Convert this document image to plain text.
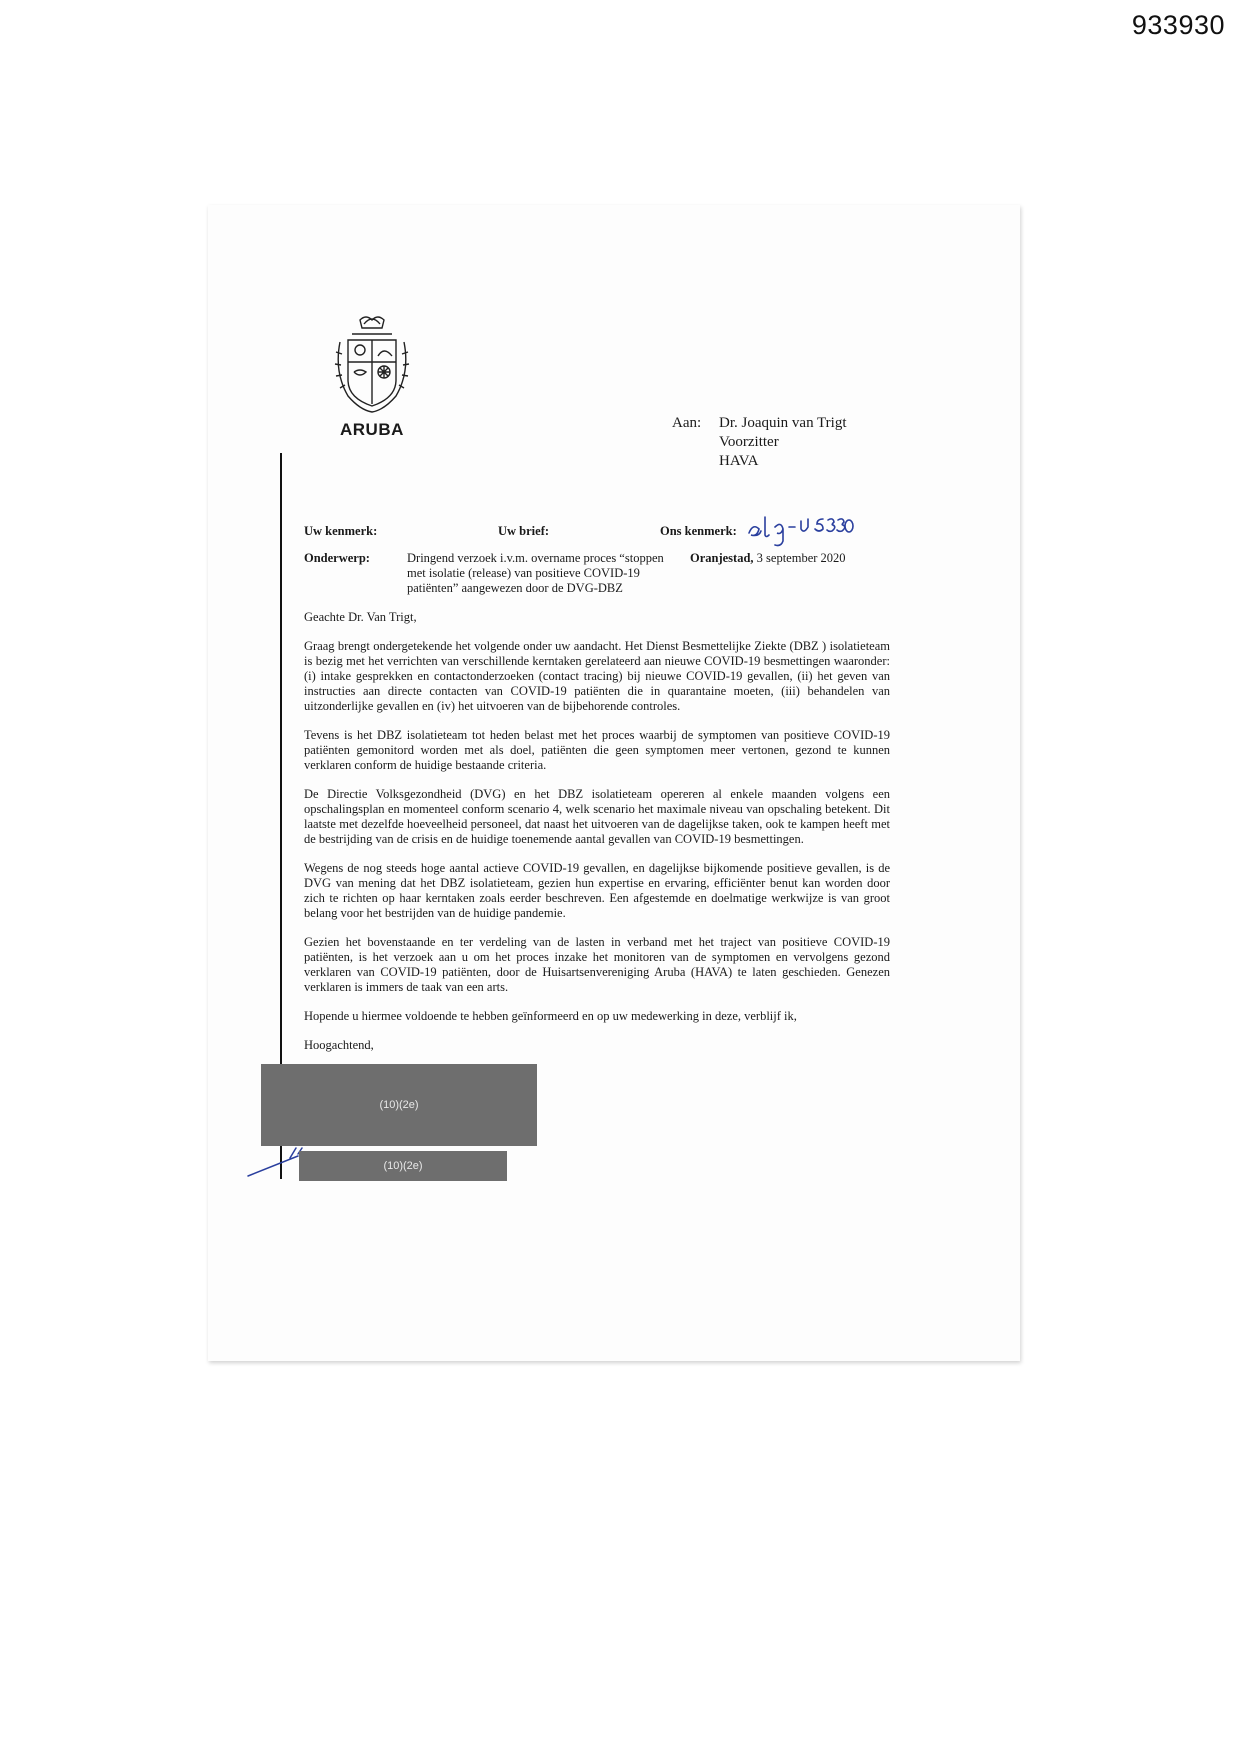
933930
ARUBA	Aan: Dr. Joaquin van Trigt
Voorzitter
HAVA
Uw kenmerk:	Uw brief:	Ons kenmerk:
Onderwerp:	Dringend verzoek i.v.m. overname proces “stoppen met isolatie (release) van positieve COVID-19 patiënten” aangewezen door de DVG-DBZ
Oranjestad, 3 september 2020

Geachte Dr. Van Trigt,

Graag brengt ondergetekende het volgende onder uw aandacht. Het Dienst Besmettelijke Ziekte (DBZ ) isolatieteam is bezig met het verrichten van verschillende kerntaken gerelateerd aan nieuwe COVID-19 besmettingen waaronder: (i) intake gesprekken en contactonderzoeken (contact tracing) bij nieuwe COVID-19 gevallen, (ii) het geven van instructies aan directe contacten van COVID-19 patiënten die in quarantaine moeten, (iii) behandelen van uitzonderlijke gevallen en (iv) het uitvoeren van de bijbehorende controles.

Tevens is het DBZ isolatieteam tot heden belast met het proces waarbij de symptomen van positieve COVID-19 patiënten gemonitord worden met als doel, patiënten die geen symptomen meer vertonen, gezond te kunnen verklaren conform de huidige bestaande criteria.

De Directie Volksgezondheid (DVG) en het DBZ isolatieteam opereren al enkele maanden volgens een opschalingsplan en momenteel conform scenario 4, welk scenario het maximale niveau van opschaling betekent. Dit laatste met dezelfde hoeveelheid personeel, dat naast het uitvoeren van de dagelijkse taken, ook te kampen heeft met de bestrijding van de crisis en de huidige toenemende aantal gevallen van COVID-19 besmettingen.

Wegens de nog steeds hoge aantal actieve COVID-19 gevallen, en dagelijkse bijkomende positieve gevallen, is de DVG van mening dat het DBZ isolatieteam, gezien hun expertise en ervaring, efficiënter benut kan worden door zich te richten op haar kerntaken zoals eerder beschreven. Een afgestemde en doelmatige werkwijze is van groot belang voor het bestrijden van de huidige pandemie.

Gezien het bovenstaande en ter verdeling van de lasten in verband met het traject van positieve COVID-19 patiënten, is het verzoek aan u om het proces inzake het monitoren van de symptomen en vervolgens gezond verklaren van COVID-19 patiënten, door de Huisartsenvereniging Aruba (HAVA) te laten geschieden. Genezen verklaren is immers de taak van een arts.

Hopende u hiermee voldoende te hebben geïnformeerd en op uw medewerking in deze, verblijf ik,

Hoogachtend,

(10)(2e)
(10)(2e)
